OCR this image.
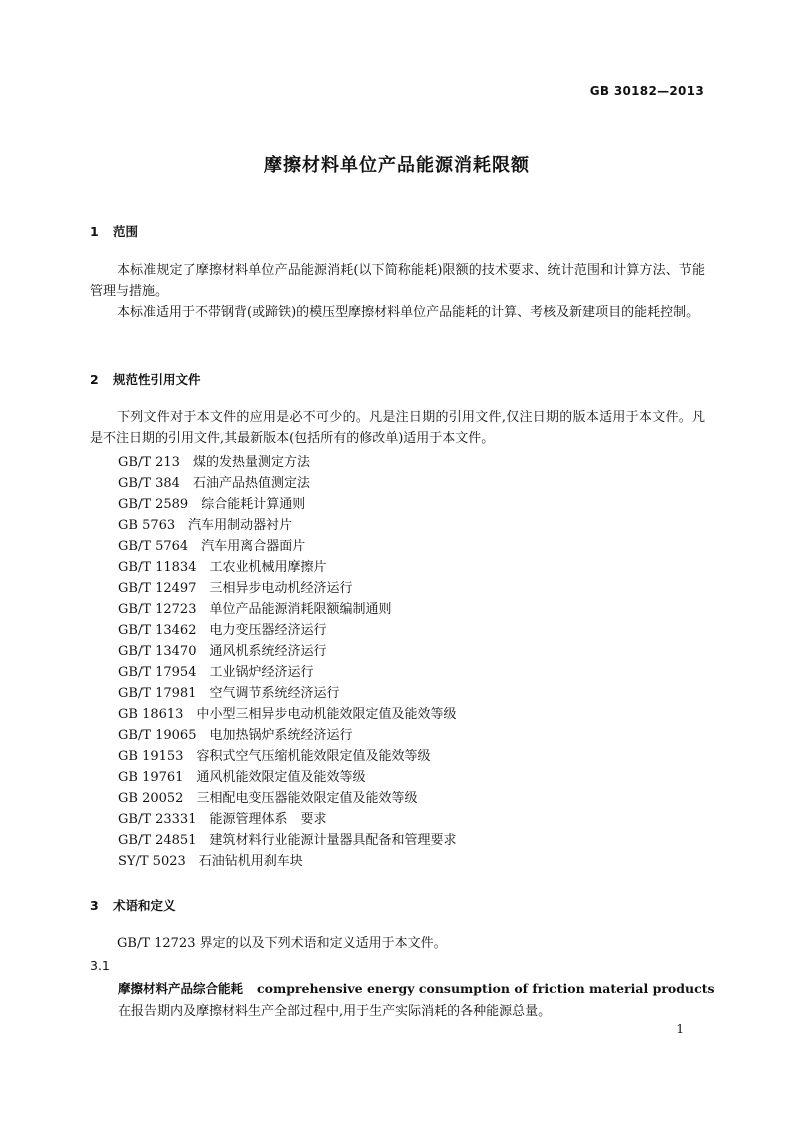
GB 30182—2013
摩擦材料单位产品能源消耗限额
1 范围

本标准规定了摩擦材料单位产品能源消耗(以下简称能耗)限额的技术要求、统计范围和计算方法、节能管理与措施。

本标准适用于不带钢背(或蹄铁)的模压型摩擦材料单位产品能耗的计算、考核及新建项目的能耗控制。

2 规范性引用文件

下列文件对于本文件的应用是必不可少的。凡是注日期的引用文件,仅注日期的版本适用于本文件。凡是不注日期的引用文件,其最新版本(包括所有的修改单)适用于本文件。

GB/T 213 煤的发热量测定方法
GB/T 384 石油产品热值测定法
GB/T 2589 综合能耗计算通则
GB 5763 汽车用制动器衬片
GB/T 5764 汽车用离合器面片
GB/T 11834 工农业机械用摩擦片
GB/T 12497 三相异步电动机经济运行
GB/T 12723 单位产品能源消耗限额编制通则
GB/T 13462 电力变压器经济运行
GB/T 13470 通风机系统经济运行
GB/T 17954 工业锅炉经济运行
GB/T 17981 空气调节系统经济运行
GB 18613 中小型三相异步电动机能效限定值及能效等级
GB/T 19065 电加热锅炉系统经济运行
GB 19153 容积式空气压缩机能效限定值及能效等级
GB 19761 通风机能效限定值及能效等级
GB 20052 三相配电变压器能效限定值及能效等级
GB/T 23331 能源管理体系　要求
GB/T 24851 建筑材料行业能源计量器具配备和管理要求
SY/T 5023 石油钻机用刹车块
3 术语和定义

GB/T 12723 界定的以及下列术语和定义适用于本文件。

3.1
摩擦材料产品综合能耗 comprehensive energy consumption of friction material products
在报告期内及摩擦材料生产全部过程中,用于生产实际消耗的各种能源总量。
1
